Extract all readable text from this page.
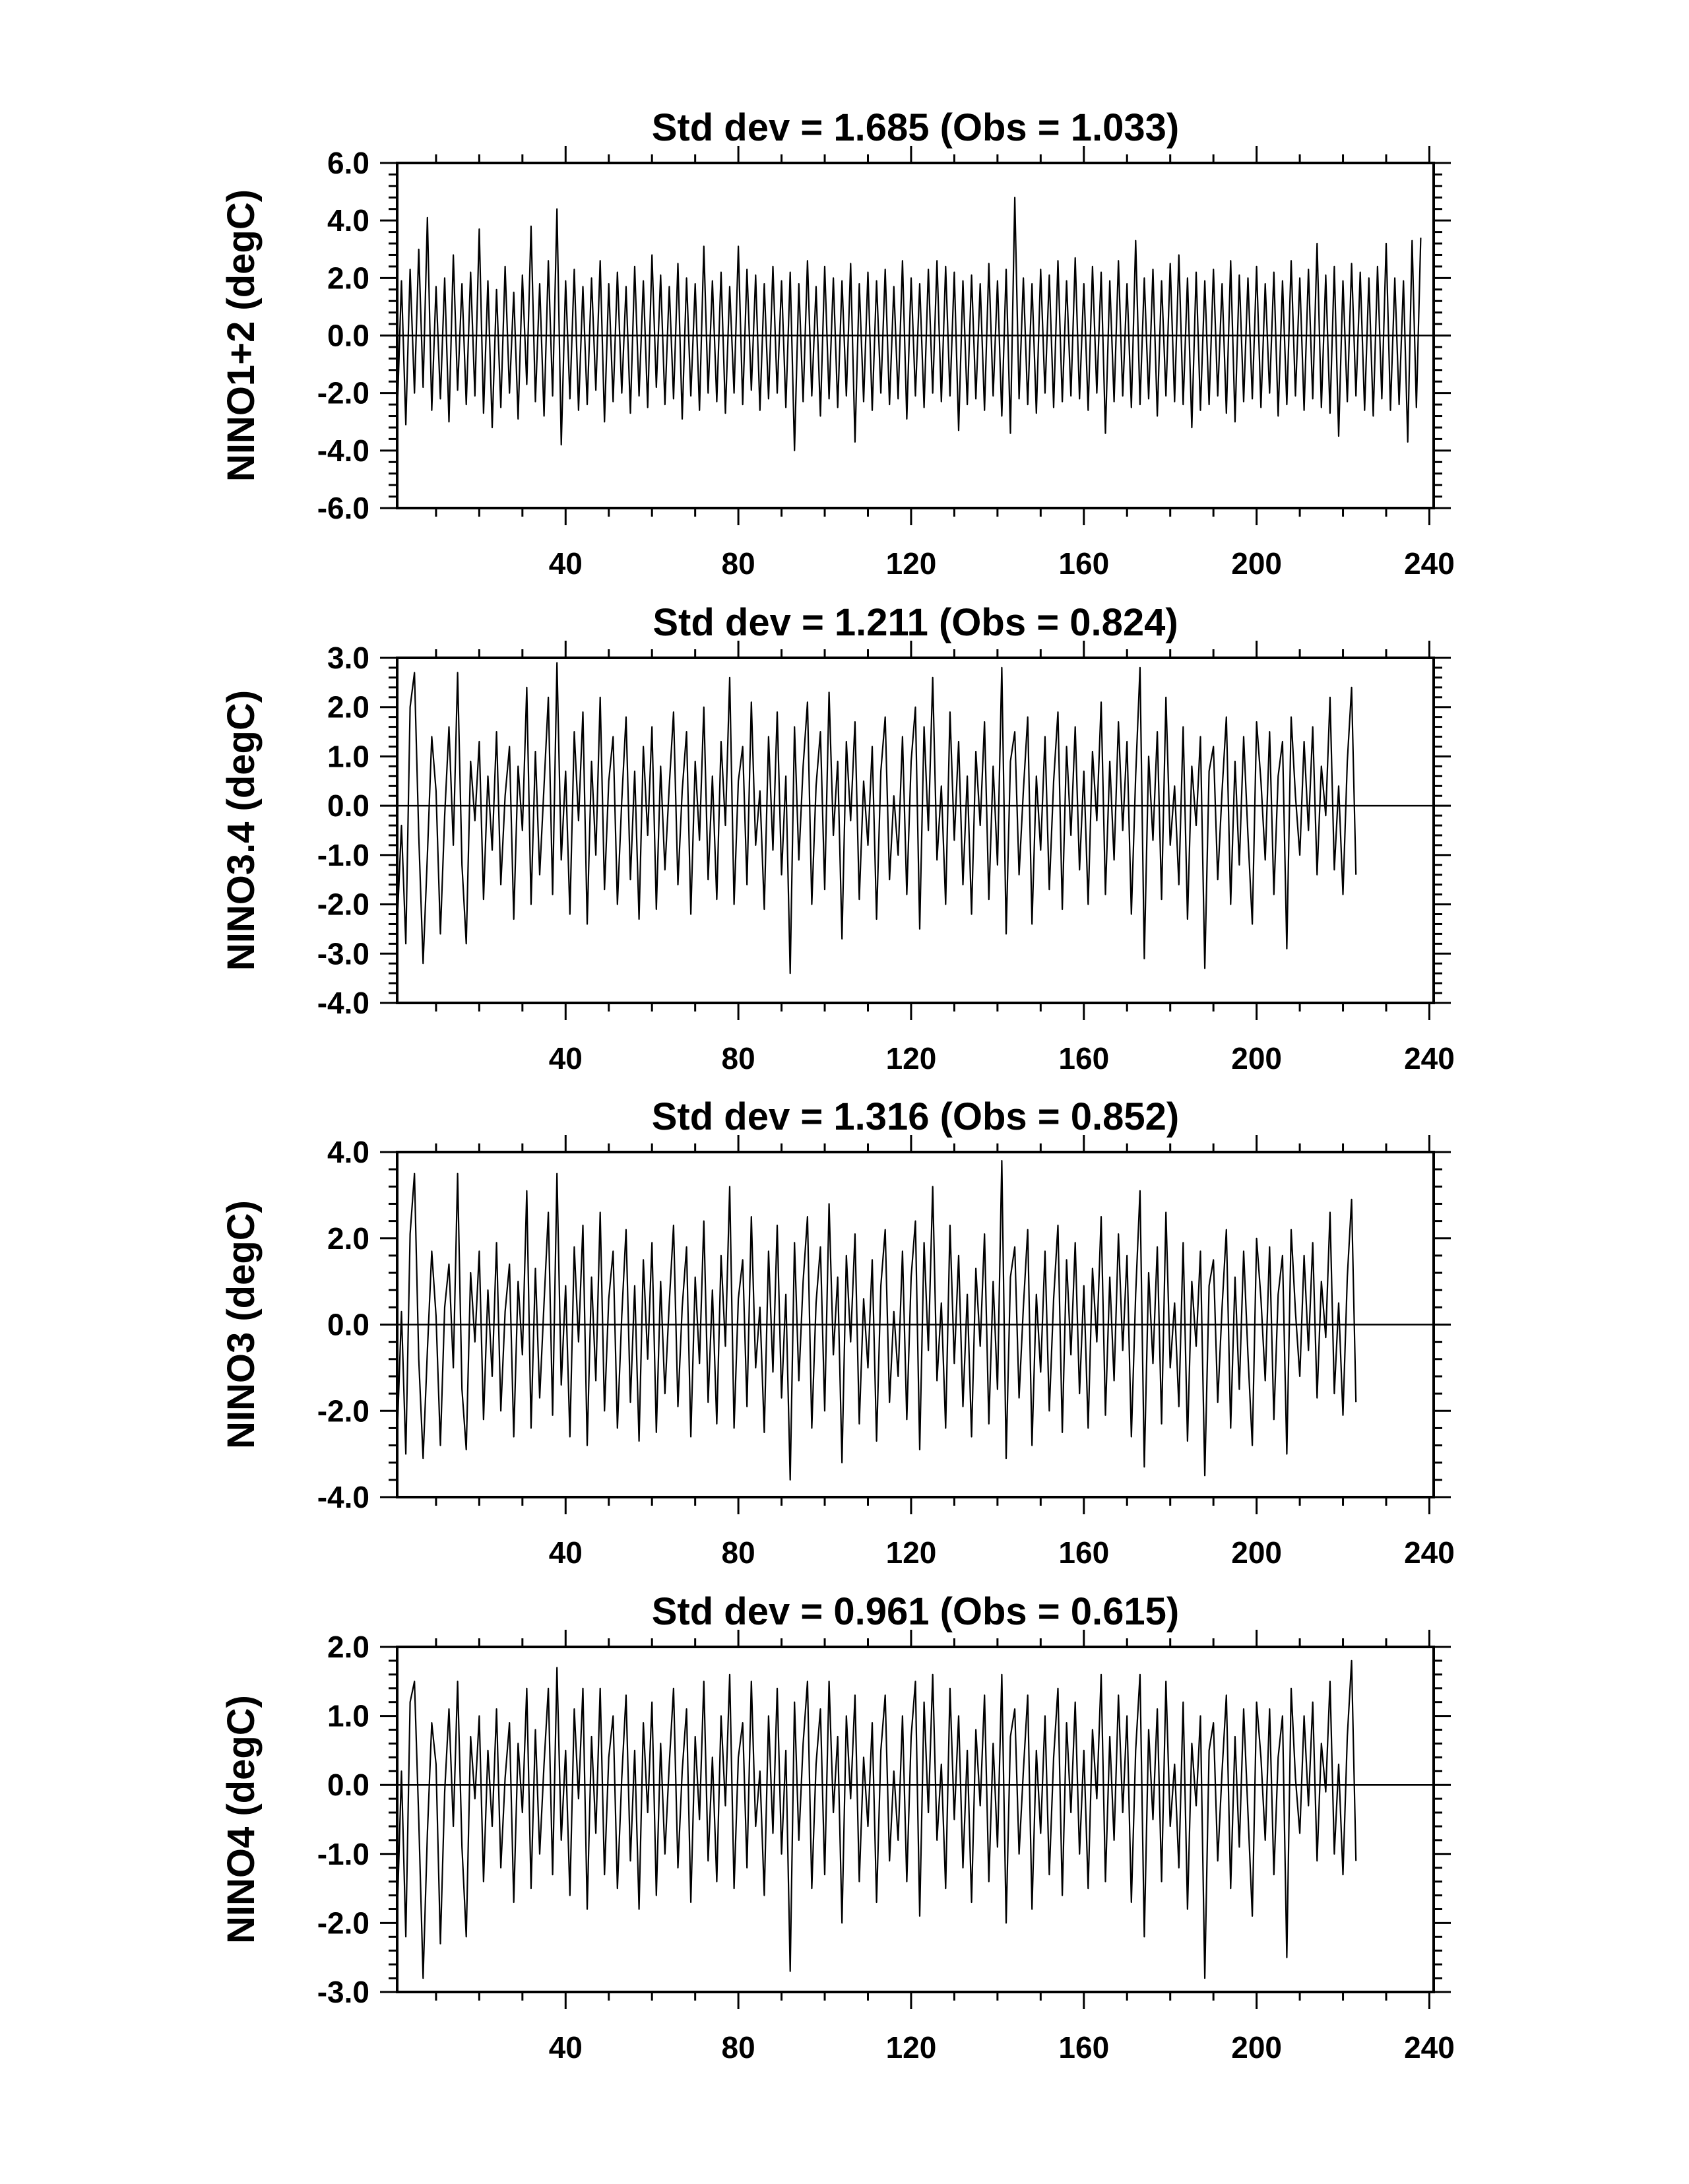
Std dev = 1.685 (Obs = 1.033)
NINO1+2 (degC)
6.0
4.0
2.0
0.0
-2.0
-4.0
-6.0
40	80	120	160	200	240
Std dev = 1.211 (Obs = 0.824)
NINO3.4 (degC)
3.0
2.0
1.0
0.0
-1.0
-2.0
-3.0
-4.0
40	80	120	160	200	240
Std dev = 1.316 (Obs = 0.852)
NINO3 (degC)
4.0
2.0
0.0
-2.0
-4.0
40	80	120	160	200	240
Std dev = 0.961 (Obs = 0.615)
NINO4 (degC)
2.0
1.0
0.0
-1.0
-2.0
-3.0
40	80	120	160	200	240
